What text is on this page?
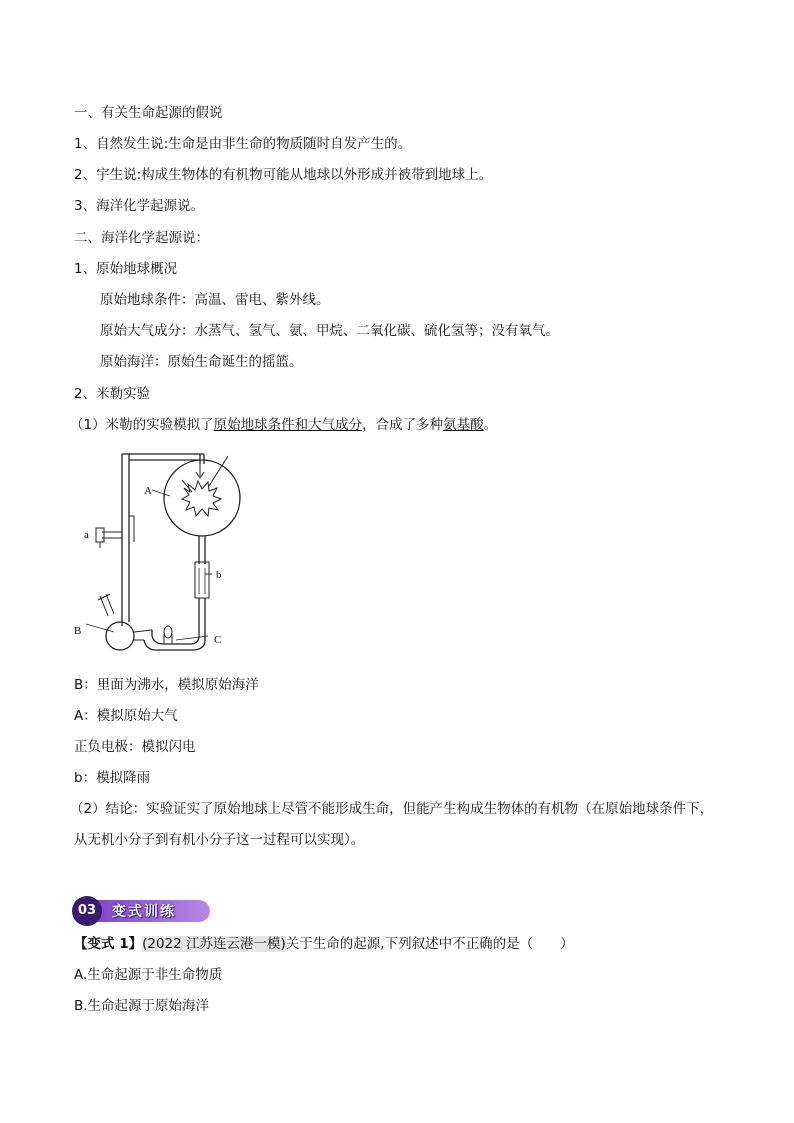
一、有关生命起源的假说
1、自然发生说:生命是由非生命的物质随时自发产生的。
2、宇生说:构成生物体的有机物可能从地球以外形成并被带到地球上。
3、海洋化学起源说。
二、海洋化学起源说：
1、原始地球概况
原始地球条件：高温、雷电、紫外线。
原始大气成分：水蒸气、氢气、氨、甲烷、二氧化碳、硫化氢等；没有氧气。
原始海洋：原始生命诞生的摇篮。
2、米勒实验
（1）米勒的实验模拟了原始地球条件和大气成分，合成了多种氨基酸。
A
a
b
B
C
B：里面为沸水，模拟原始海洋
A：模拟原始大气
正负电极：模拟闪电
b：模拟降雨
（2）结论：实验证实了原始地球上尽管不能形成生命，但能产生构成生物体的有机物（在原始地球条件下，
从无机小分子到有机小分子这一过程可以实现）。
03	变式训练
【变式 1】(2022 江苏连云港一模)关于生命的起源,下列叙述中不正确的是（　　）
A.生命起源于非生命物质
B.生命起源于原始海洋
